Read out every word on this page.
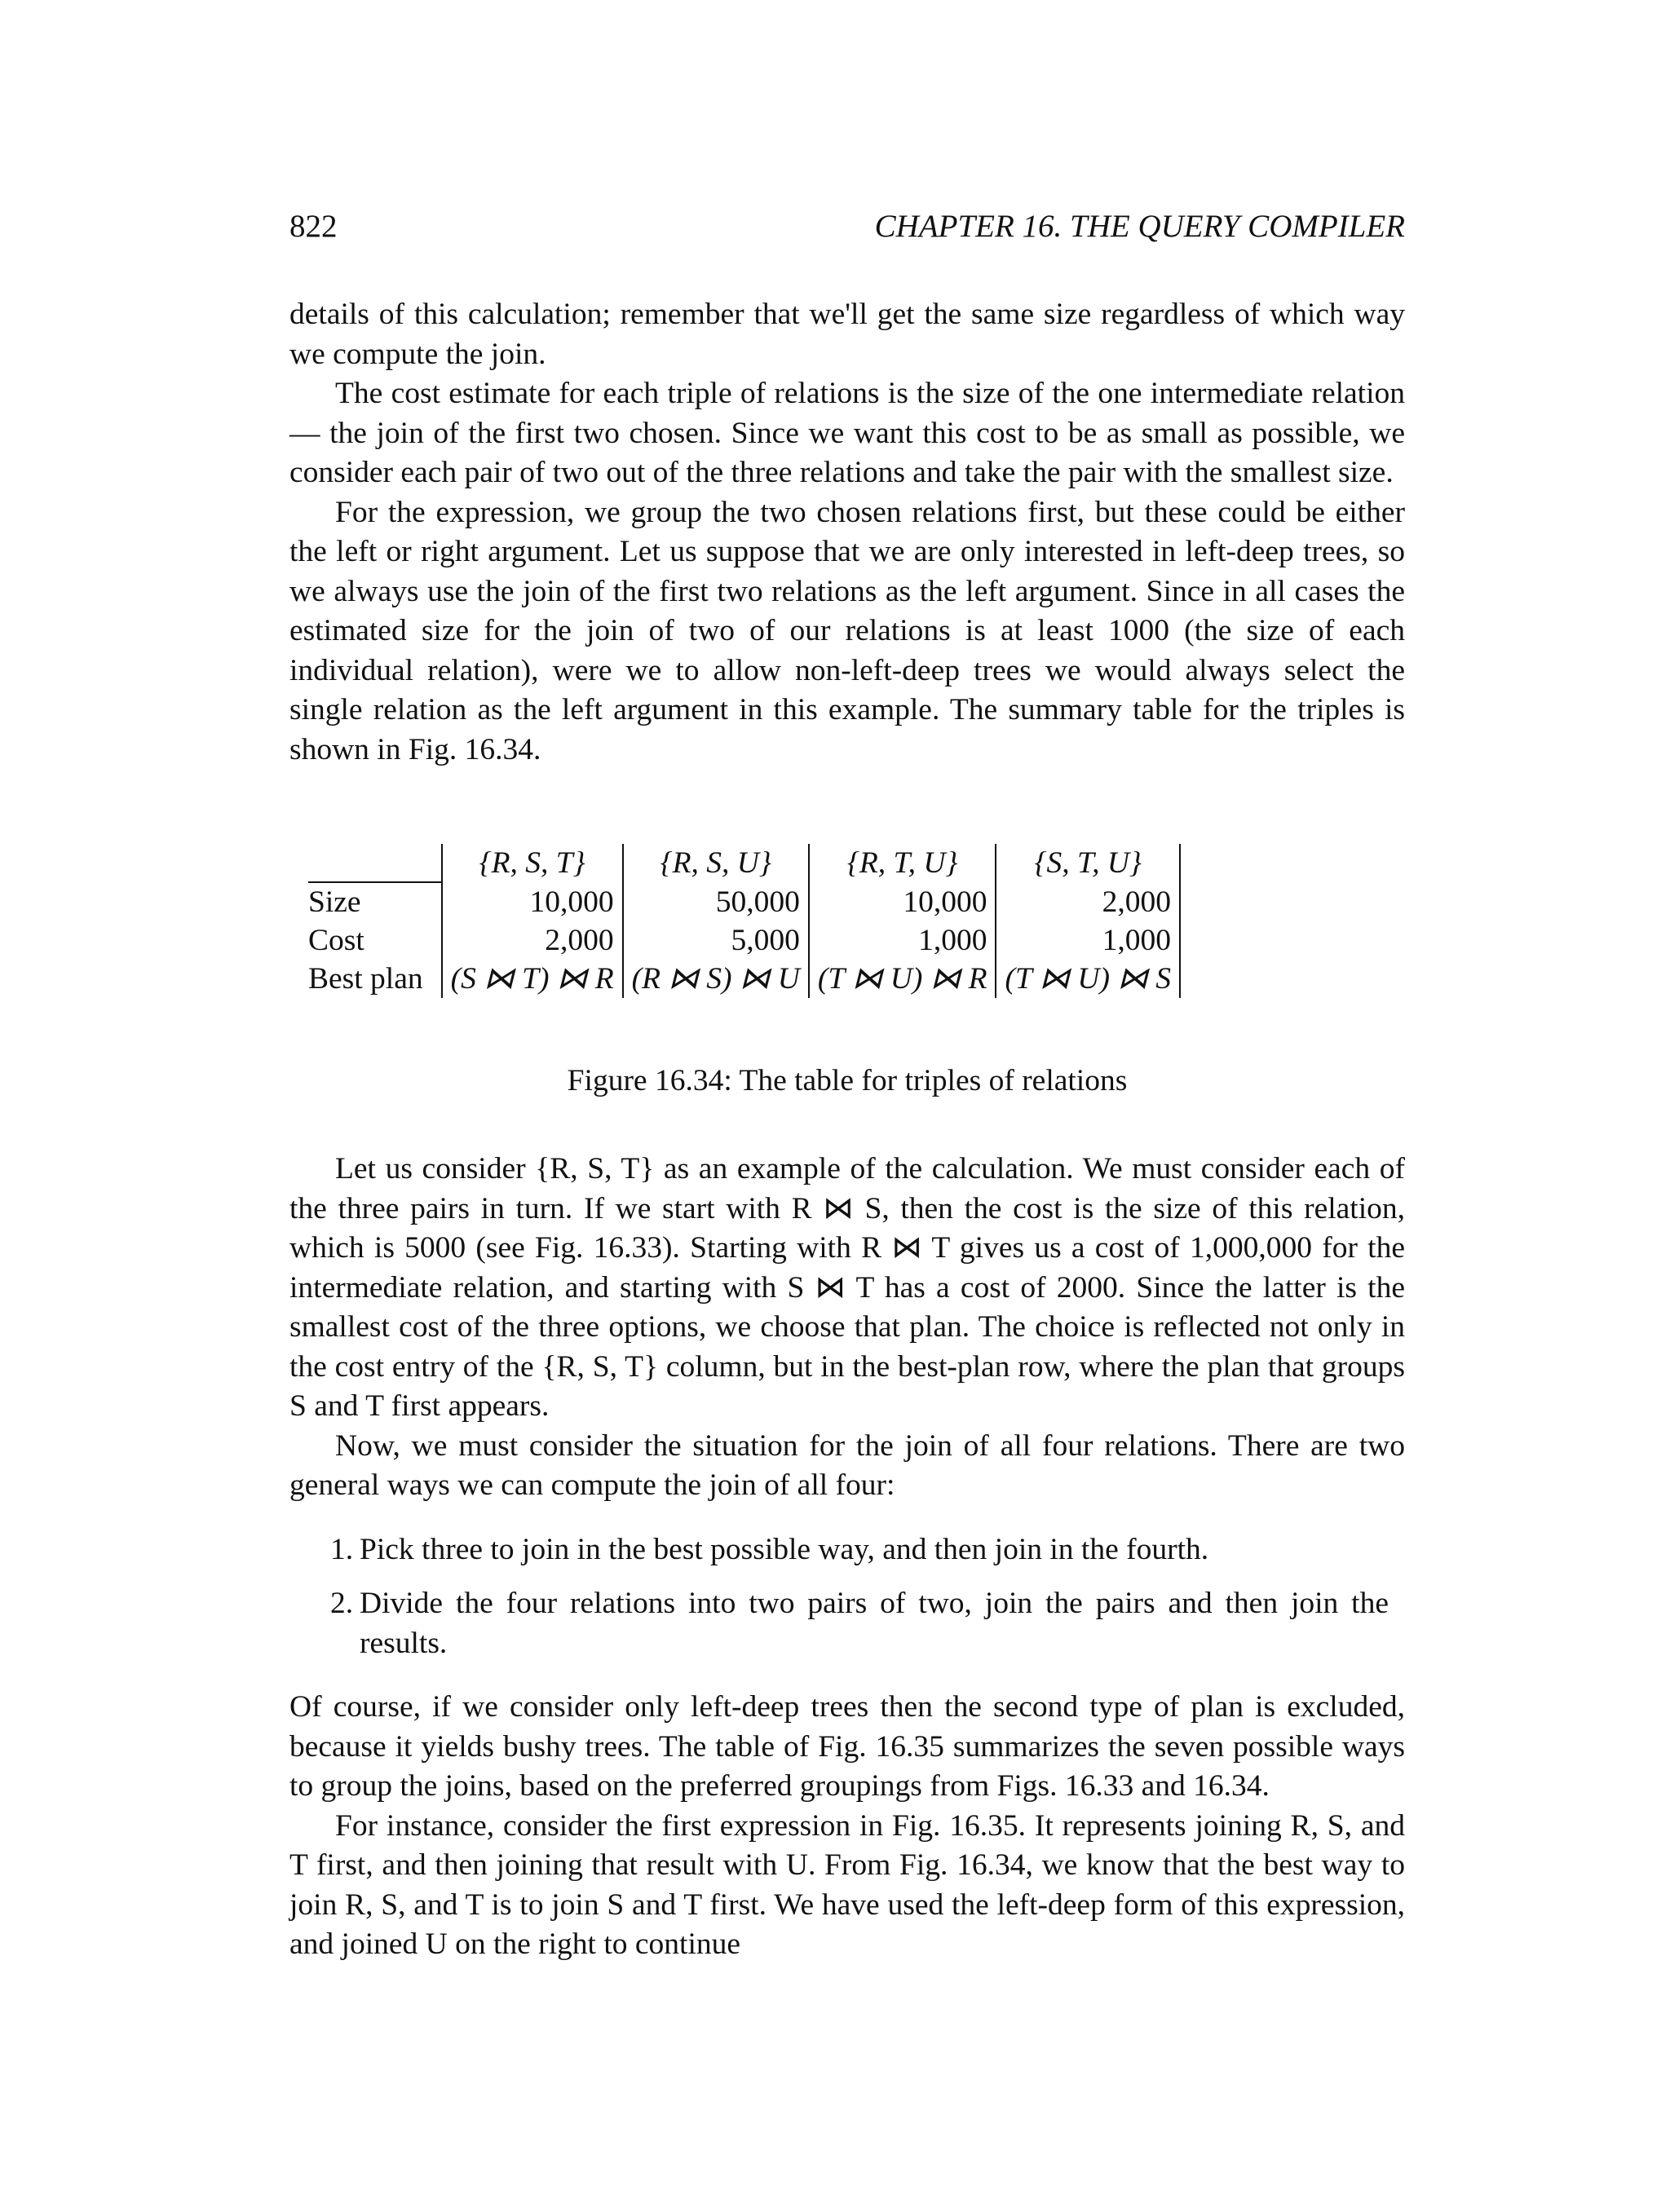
822	CHAPTER 16. THE QUERY COMPILER

details of this calculation; remember that we'll get the same size regardless of which way we compute the join.

The cost estimate for each triple of relations is the size of the one intermediate relation — the join of the first two chosen. Since we want this cost to be as small as possible, we consider each pair of two out of the three relations and take the pair with the smallest size.

For the expression, we group the two chosen relations first, but these could be either the left or right argument. Let us suppose that we are only interested in left-deep trees, so we always use the join of the first two relations as the left argument. Since in all cases the estimated size for the join of two of our relations is at least 1000 (the size of each individual relation), were we to allow non-left-deep trees we would always select the single relation as the left argument in this example. The summary table for the triples is shown in Fig. 16.34.

	{R, S, T}	{R, S, U}	{R, T, U}	{S, T, U}
Size	10,000	50,000	10,000	2,000
Cost	2,000	5,000	1,000	1,000
Best plan	(S ⋈ T) ⋈ R	(R ⋈ S) ⋈ U	(T ⋈ U) ⋈ R	(T ⋈ U) ⋈ S
Figure 16.34: The table for triples of relations

Let us consider {R, S, T} as an example of the calculation. We must consider each of the three pairs in turn. If we start with R ⋈ S, then the cost is the size of this relation, which is 5000 (see Fig. 16.33). Starting with R ⋈ T gives us a cost of 1,000,000 for the intermediate relation, and starting with S ⋈ T has a cost of 2000. Since the latter is the smallest cost of the three options, we choose that plan. The choice is reflected not only in the cost entry of the {R, S, T} column, but in the best-plan row, where the plan that groups S and T first appears.

Now, we must consider the situation for the join of all four relations. There are two general ways we can compute the join of all four:

1. Pick three to join in the best possible way, and then join in the fourth.
2. Divide the four relations into two pairs of two, join the pairs and then join the results.

Of course, if we consider only left-deep trees then the second type of plan is excluded, because it yields bushy trees. The table of Fig. 16.35 summarizes the seven possible ways to group the joins, based on the preferred groupings from Figs. 16.33 and 16.34.

For instance, consider the first expression in Fig. 16.35. It represents joining R, S, and T first, and then joining that result with U. From Fig. 16.34, we know that the best way to join R, S, and T is to join S and T first. We have used the left-deep form of this expression, and joined U on the right to continue
